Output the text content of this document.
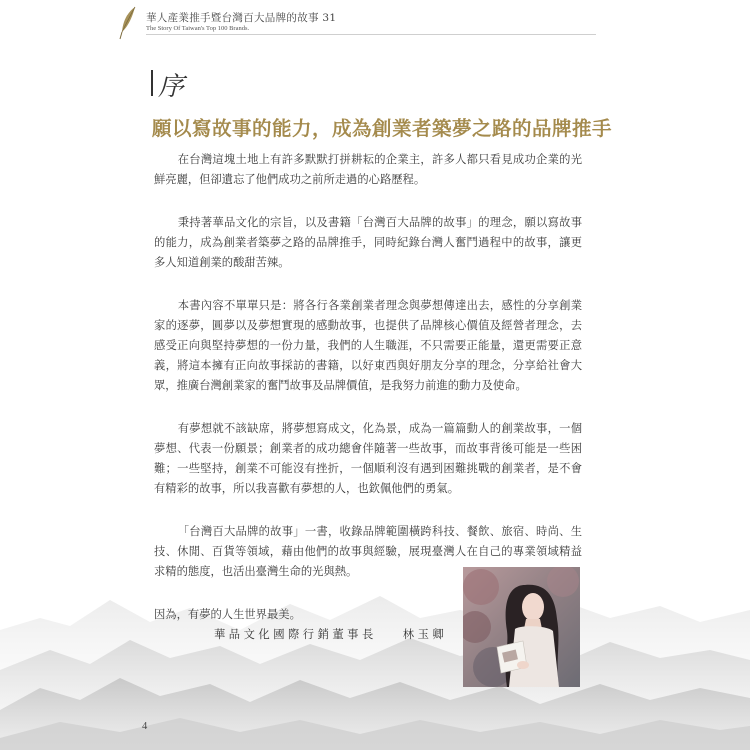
華人產業推手暨台灣百大品牌的故事 31
The Story Of Taiwan's Top 100 Brands.
序
願以寫故事的能力，成為創業者築夢之路的品牌推手

在台灣這塊土地上有許多默默打拼耕耘的企業主，許多人都只看見成功企業的光鮮亮麗，但卻遺忘了他們成功之前所走過的心路歷程。

秉持著華品文化的宗旨，以及書籍「台灣百大品牌的故事」的理念，願以寫故事的能力，成為創業者築夢之路的品牌推手，同時紀錄台灣人奮鬥過程中的故事，讓更多人知道創業的酸甜苦辣。

本書內容不單單只是：將各行各業創業者理念與夢想傳達出去，感性的分享創業家的逐夢，圓夢以及夢想實現的感動故事，也提供了品牌核心價值及經營者理念，去感受正向與堅持夢想的一份力量，我們的人生職涯，不只需要正能量，還更需要正意義，將這本擁有正向故事採訪的書籍，以好東西與好朋友分享的理念，分享給社會大眾，推廣台灣創業家的奮鬥故事及品牌價值，是我努力前進的動力及使命。

有夢想就不該缺席，將夢想寫成文，化為景，成為一篇篇動人的創業故事，一個夢想、代表一份願景；創業者的成功總會伴隨著一些故事，而故事背後可能是一些困難；一些堅持，創業不可能沒有挫折，一個順利沒有遇到困難挑戰的創業者，是不會有精彩的故事，所以我喜歡有夢想的人，也欽佩他們的勇氣。

「台灣百大品牌的故事」一書，收錄品牌範圍橫跨科技、餐飲、旅宿、時尚、生技、休閒、百貨等領域，藉由他們的故事與經驗，展現臺灣人在自己的專業領域精益求精的態度，也活出臺灣生命的光與熱。

因為，有夢的人生世界最美。

華品文化國際行銷董事長 林玉卿
4
